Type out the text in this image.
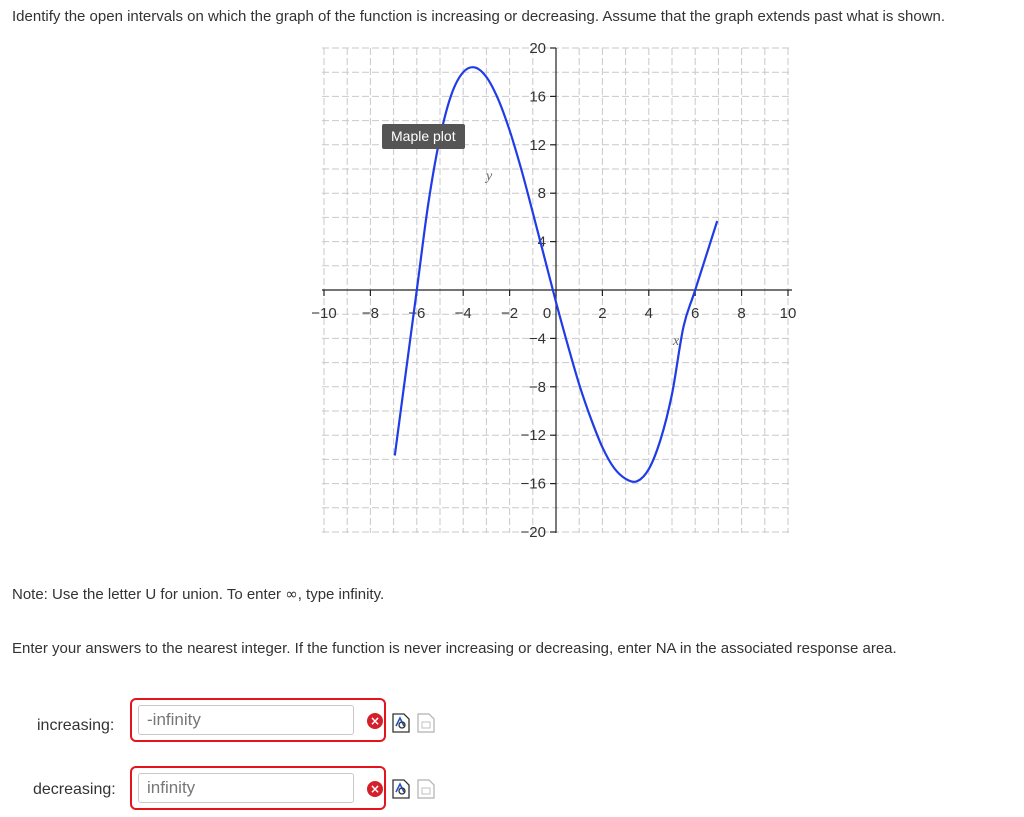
Identify the open intervals on which the graph of the function is increasing or decreasing. Assume that the graph extends past what is shown.
−10 −8 −6 −4 −2 0	2	4	6	8 10
−20
−16
−12
−8
−4
4
8
12
16
20
y
x
Maple plot
Note: Use the letter U for union. To enter ∞, type infinity.
Enter your answers to the nearest integer. If the function is never increasing or decreasing, enter NA in the associated response area.
increasing:
-infinity	×
decreasing:
infinity	×
